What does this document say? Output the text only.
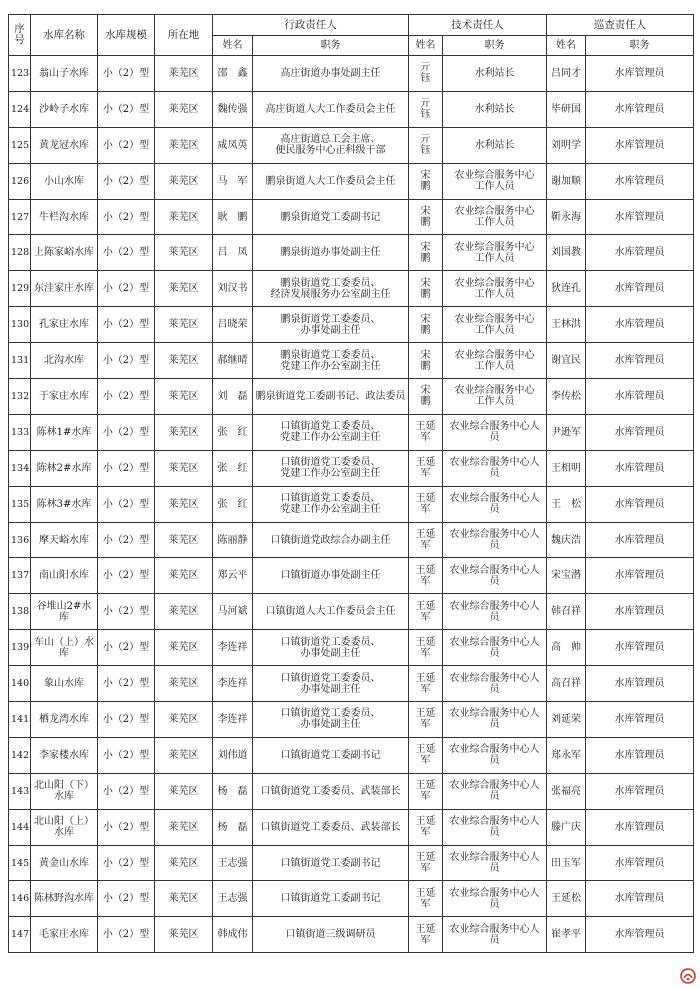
序
号	水库名称	水库规模	所在地	行政责任人		技术责任人		巡查责任人	
				姓名	职务	姓名	职务	姓名	职务
123	翁山子水库	小（2）型	莱芜区	邵　鑫	高庄街道办事处副主任	亓　钰	水利站长	吕同才	水库管理员
124	沙岭子水库	小（2）型	莱芜区	魏传强	高庄街道人大工作委员会主任	亓　钰	水利站长	毕研国	水库管理员
125	黄龙冠水库	小（2）型	莱芜区	咸凤英	高庄街道总工会主席、
便民服务中心正科级干部	亓　钰	水利站长	刘明学	水库管理员
126	小山水库	小（2）型	莱芜区	马　军	鹏泉街道人大工作委员会主任	宋　鹏	农业综合服务中心
工作人员	谢加顺	水库管理员
127	牛栏沟水库	小（2）型	莱芜区	耿　鹏	鹏泉街道党工委副书记	宋　鹏	农业综合服务中心
工作人员	靳永海	水库管理员
128	上陈家峪水库	小（2）型	莱芜区	吕　凤	鹏泉街道办事处副主任	宋　鹏	农业综合服务中心
工作人员	刘国教	水库管理员
129	东洼家庄水库	小（2）型	莱芜区	刘汉书	鹏泉街道党工委委员、
经济发展服务办公室副主任	宋　鹏	农业综合服务中心
工作人员	狄连孔	水库管理员
130	孔家庄水库	小（2）型	莱芜区	吕晓荣	鹏泉街道党工委委员、
办事处副主任	宋　鹏	农业综合服务中心
工作人员	王林洪	水库管理员
131	北沟水库	小（2）型	莱芜区	郝继晴	鹏泉街道党工委委员、
党建工作办公室副主任	宋　鹏	农业综合服务中心
工作人员	谢宜民	水库管理员
132	于家庄水库	小（2）型	莱芜区	刘　磊	鹏泉街道党工委副书记、政法委员	宋　鹏	农业综合服务中心
工作人员	李传松	水库管理员
133	陈林1#水库	小（2）型	莱芜区	张　红	口镇街道党工委委员、
党建工作办公室副主任	王延军	农业综合服务中心人员	尹逊军	水库管理员
134	陈林2#水库	小（2）型	莱芜区	张　红	口镇街道党工委委员、
党建工作办公室副主任	王延军	农业综合服务中心人员	王相明	水库管理员
135	陈林3#水库	小（2）型	莱芜区	张　红	口镇街道党工委委员、
党建工作办公室副主任	王延军	农业综合服务中心人员	王　松	水库管理员
136	摩天峪水库	小（2）型	莱芜区	陈丽静	口镇街道党政综合办副主任	王延军	农业综合服务中心人员	魏庆浩	水库管理员
137	南山阳水库	小（2）型	莱芜区	郑云平	口镇街道办事处副主任	王延军	农业综合服务中心人员	宋宝潜	水库管理员
138	谷堆山2#水库	小（2）型	莱芜区	马河斌	口镇街道人大工作委员会主任	王延军	农业综合服务中心人员	韩召祥	水库管理员
139	车山（上）水
库	小（2）型	莱芜区	李连祥	口镇街道党工委委员、
办事处副主任	王延军	农业综合服务中心人员	高　帅	水库管理员
140	象山水库	小（2）型	莱芜区	李连祥	口镇街道党工委委员、
办事处副主任	王延军	农业综合服务中心人员	高召祥	水库管理员
141	栖龙湾水库	小（2）型	莱芜区	李连祥	口镇街道党工委委员、
办事处副主任	王延军	农业综合服务中心人员	刘延荣	水库管理员
142	李家楼水库	小（2）型	莱芜区	刘伟道	口镇街道党工委副书记	王延军	农业综合服务中心人员	郑永军	水库管理员
143	北山阳（下）
水库	小（2）型	莱芜区	杨　磊	口镇街道党工委委员、武装部长	王延军	农业综合服务中心人员	张福亮	水库管理员
144	北山阳（上）
水库	小（2）型	莱芜区	杨　磊	口镇街道党工委委员、武装部长	王延军	农业综合服务中心人员	滕广庆	水库管理员
145	黄金山水库	小（2）型	莱芜区	王志强	口镇街道党工委副书记	王延军	农业综合服务中心人员	田玉军	水库管理员
146	陈林野沟水库	小（2）型	莱芜区	王志强	口镇街道党工委副书记	王延军	农业综合服务中心人员	王延松	水库管理员
147	毛家庄水库	小（2）型	莱芜区	韩成伟	口镇街道三级调研员	王延军	农业综合服务中心人员	崔孝平	水库管理员
